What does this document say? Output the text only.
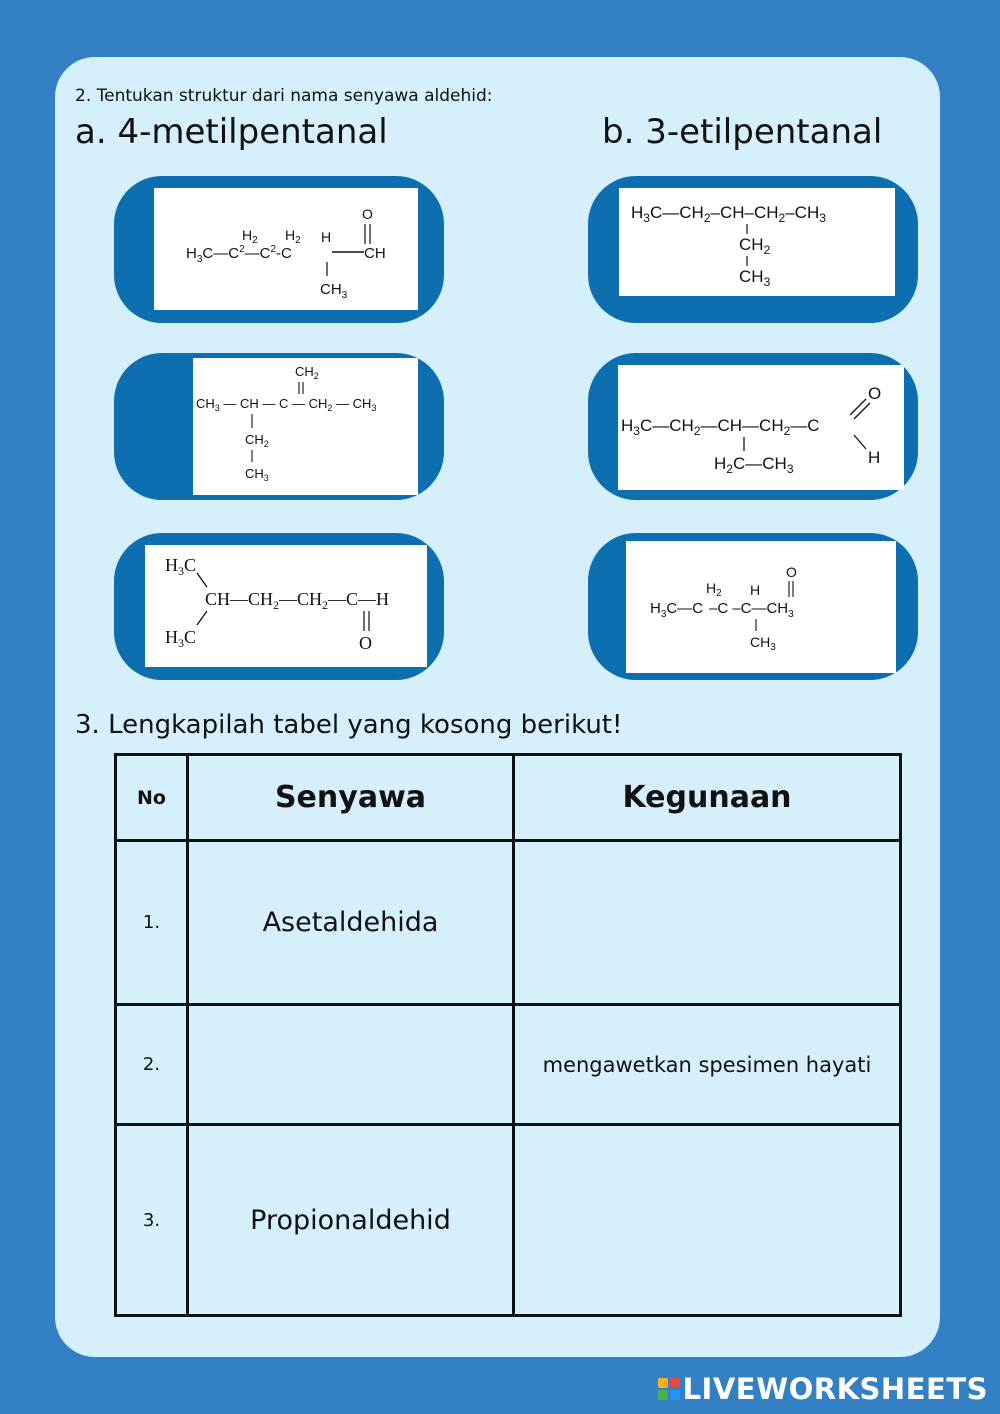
2. Tentukan struktur dari nama senyawa aldehid:
a. 4-metilpentanal	b. 3-etilpentanal
$H_3C—C^2—C^2-C$
$H_2$ $H_2$ H
CH
O
$CH_3$
$CH_2$
$CH_3$ — CH — C — $CH_2$ — $CH_3$
$CH_2$
$CH_3$
$H_3C$
$CH—CH_2—CH_2—C—H$
$H_3C$	O
$H_3C—CH_2-CH-CH_2-CH_3$
$CH_2$
$CH_3$
$H_3C—CH_2—CH—CH_2—C$
O
H
$H_2C—CH_3$
O
$H_2$ H
$H_3C—C$ –C $-C—CH_3$
$CH_3$
3. Lengkapilah tabel yang kosong berikut!
No	Senyawa	Kegunaan
1.	Asetaldehida	
2.		mengawetkan spesimen hayati
3.	Propionaldehid	
LIVEWORKSHEETS
